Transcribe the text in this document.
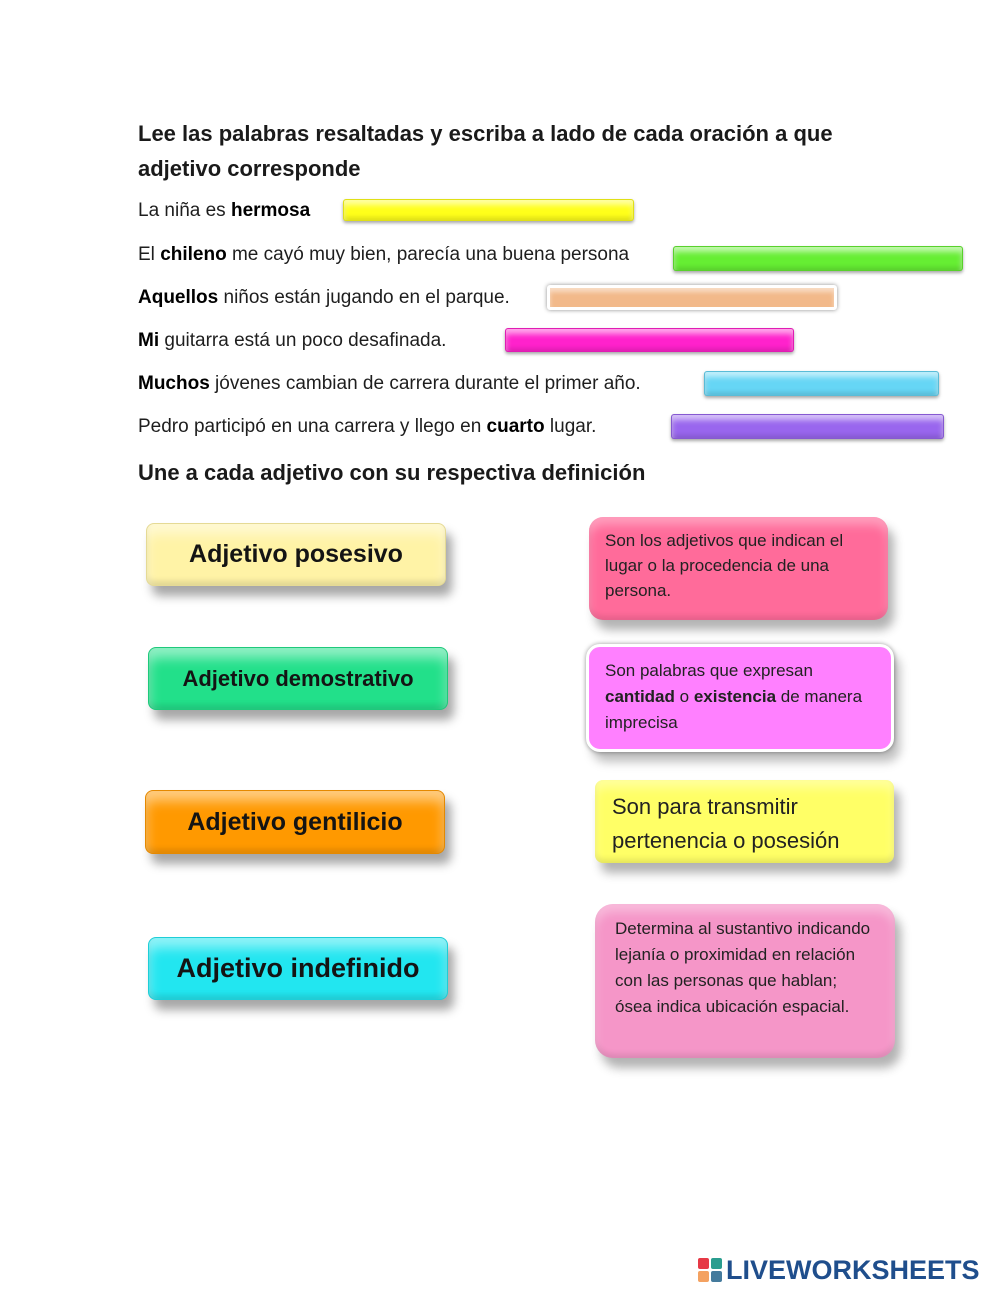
Lee las palabras resaltadas y escriba a lado de cada oración a que adjetivo corresponde
La niña es hermosa
El chileno me cayó muy bien, parecía una buena persona
Aquellos niños están jugando en el parque.
Mi guitarra está un poco desafinada.
Muchos jóvenes cambian de carrera durante el primer año.
Pedro participó en una carrera y llego en cuarto lugar.
Une a cada adjetivo con su respectiva definición
Adjetivo posesivo
Adjetivo demostrativo
Adjetivo gentilicio
Adjetivo indefinido
Son los adjetivos que indican el lugar o la procedencia de una persona.
Son palabras que expresan cantidad o existencia de manera imprecisa
Son para transmitir pertenencia o posesión
Determina al sustantivo indicando lejanía o proximidad en relación con las personas que hablan; ósea indica ubicación espacial.
LIVEWORKSHEETS
